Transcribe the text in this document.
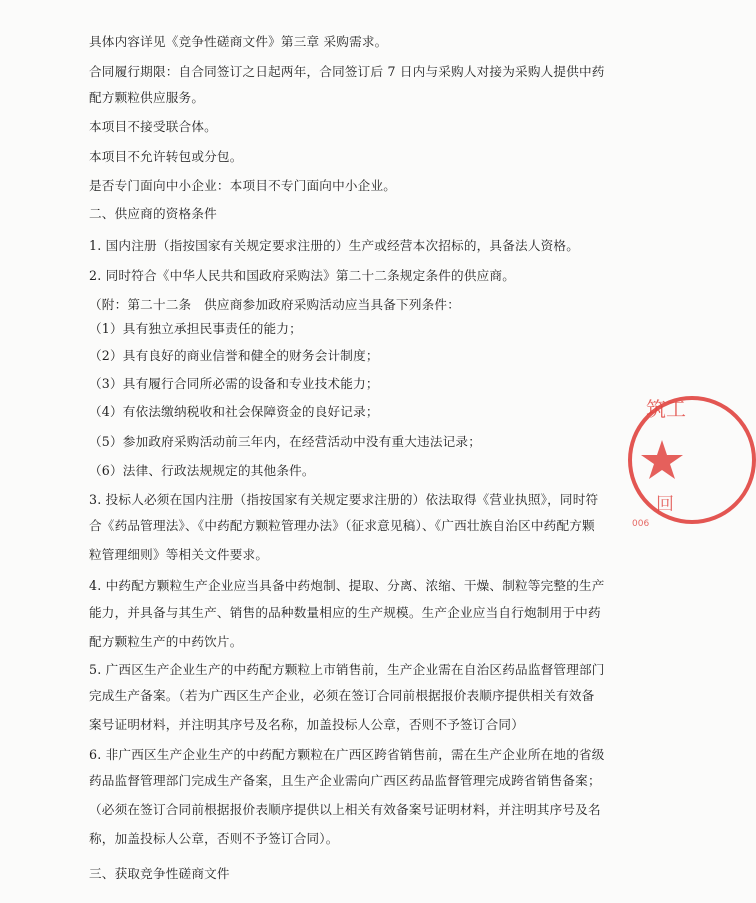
具体内容详见《竞争性磋商文件》第三章 采购需求。
合同履行期限：自合同签订之日起两年，合同签订后 7 日内与采购人对接为采购人提供中药
配方颗粒供应服务。
本项目不接受联合体。
本项目不允许转包或分包。
是否专门面向中小企业：本项目不专门面向中小企业。
二、供应商的资格条件
1. 国内注册（指按国家有关规定要求注册的）生产或经营本次招标的，具备法人资格。
2. 同时符合《中华人民共和国政府采购法》第二十二条规定条件的供应商。
（附：第二十二条　供应商参加政府采购活动应当具备下列条件：
（1）具有独立承担民事责任的能力；
（2）具有良好的商业信誉和健全的财务会计制度；
（3）具有履行合同所必需的设备和专业技术能力；
（4）有依法缴纳税收和社会保障资金的良好记录；
（5）参加政府采购活动前三年内，在经营活动中没有重大违法记录；
（6）法律、行政法规规定的其他条件。
3. 投标人必须在国内注册（指按国家有关规定要求注册的）依法取得《营业执照》，同时符
合《药品管理法》、《中药配方颗粒管理办法》（征求意见稿）、《广西壮族自治区中药配方颗
粒管理细则》等相关文件要求。
4. 中药配方颗粒生产企业应当具备中药炮制、提取、分离、浓缩、干燥、制粒等完整的生产
能力，并具备与其生产、销售的品种数量相应的生产规模。生产企业应当自行炮制用于中药
配方颗粒生产的中药饮片。
5. 广西区生产企业生产的中药配方颗粒上市销售前，生产企业需在自治区药品监督管理部门
完成生产备案。（若为广西区生产企业，必须在签订合同前根据报价表顺序提供相关有效备
案号证明材料，并注明其序号及名称，加盖投标人公章，否则不予签订合同）
6. 非广西区生产企业生产的中药配方颗粒在广西区跨省销售前，需在生产企业所在地的省级
药品监督管理部门完成生产备案，且生产企业需向广西区药品监督管理完成跨省销售备案；
（必须在签订合同前根据报价表顺序提供以上相关有效备案号证明材料，并注明其序号及名
称，加盖投标人公章，否则不予签订合同）。
三、获取竞争性磋商文件
筑工
回
006
